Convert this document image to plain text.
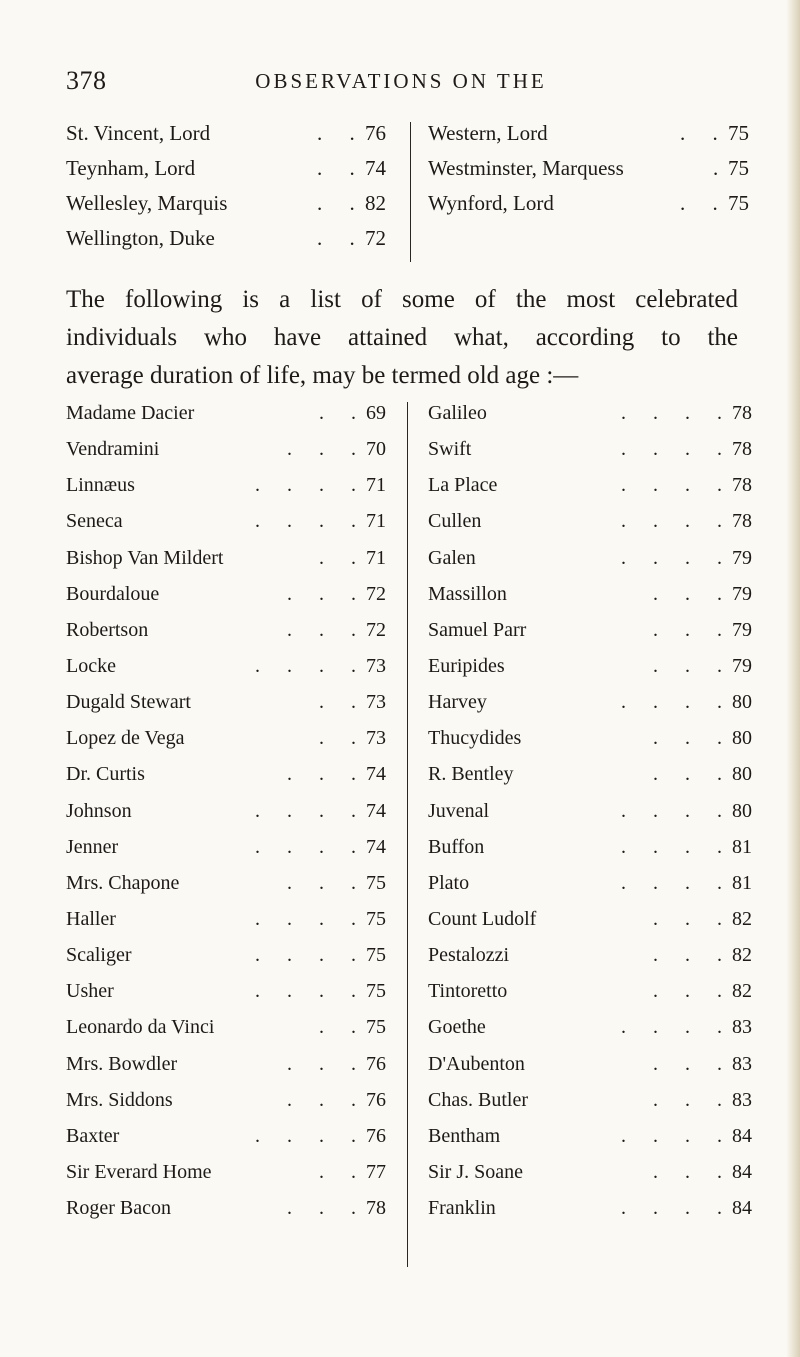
378	OBSERVATIONS ON THE
St. Vincent, Lord	. . 76
Teynham, Lord	. . 74
Wellesley, Marquis	. . 82
Wellington, Duke	. . 72
Western, Lord	. . 75
Westminster, Marquess	. 75
Wynford, Lord	. . 75
The following is a list of some of the most celebrated
individuals who have attained what, according to the
average duration of life, may be termed old age :—
Madame Dacier	. . 69
Vendramini	. . . 70
Linnæus	. . . . 71
Seneca	. . . . 71
Bishop Van Mildert	. . 71
Bourdaloue	. . . 72
Robertson	. . . 72
Locke	. . . . 73
Dugald Stewart	. . 73
Lopez de Vega	. . 73
Dr. Curtis	. . . 74
Johnson	. . . . 74
Jenner	. . . . 74
Mrs. Chapone	. . . 75
Haller	. . . . 75
Scaliger	. . . . 75
Usher	. . . . 75
Leonardo da Vinci	. . 75
Mrs. Bowdler	. . . 76
Mrs. Siddons	. . . 76
Baxter	. . . . 76
Sir Everard Home	. . 77
Roger Bacon	. . . 78
Galileo	. . . . 78
Swift	. . . . 78
La Place	. . . . 78
Cullen	. . . . 78
Galen	. . . . 79
Massillon	. . . 79
Samuel Parr	. . . 79
Euripides	. . . 79
Harvey	. . . . 80
Thucydides	. . . 80
R. Bentley	. . . 80
Juvenal	. . . . 80
Buffon	. . . . 81
Plato	. . . . 81
Count Ludolf	. . . 82
Pestalozzi	. . . 82
Tintoretto	. . . 82
Goethe	. . . . 83
D'Aubenton	. . . 83
Chas. Butler	. . . 83
Bentham	. . . . 84
Sir J. Soane	. . . 84
Franklin	. . . . 84
